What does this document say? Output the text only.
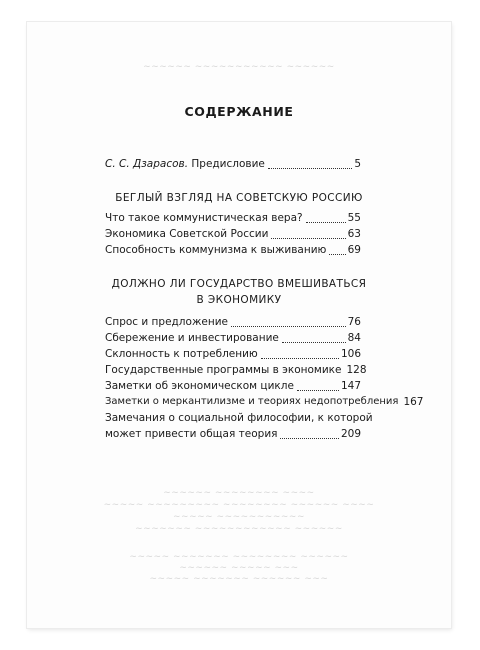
~~~~~~ ~~~~~~~~~~~ ~~~~~~
~~~~~~ ~~~~~~~~ ~~~~
~~~~~ ~~~~~~~~~ ~~~~~~~~ ~~~~~~ ~~~~
~~~~~ ~~~~~~~~~~~
~~~~~~~ ~~~~~~~~~~~~ ~~~~~~
~~~~~ ~~~~~~~ ~~~~~~~~ ~~~~~~
~~~~~~ ~~~~~ ~~~
~~~~~ ~~~~~~~ ~~~~~~ ~~~
СОДЕРЖАНИЕ
С. С. Дзарасов. Предисловие	5
БЕГЛЫЙ ВЗГЛЯД НА СОВЕТСКУЮ РОССИЮ
Что такое коммунистическая вера?	55
Экономика Советской России	63
Способность коммунизма к выживанию 69
ДОЛЖНО ЛИ ГОСУДАРСТВО ВМЕШИВАТЬСЯ
В ЭКОНОМИКУ
Спрос и предложение	76
Сбережение и инвестирование	84
Склонность к потреблению	106
Государственные программы в экономике 128
Заметки об экономическом цикле	147
Заметки о меркантилизме и теориях недопотребления 167
Замечания о социальной философии, к которой
может привести общая теория	209
